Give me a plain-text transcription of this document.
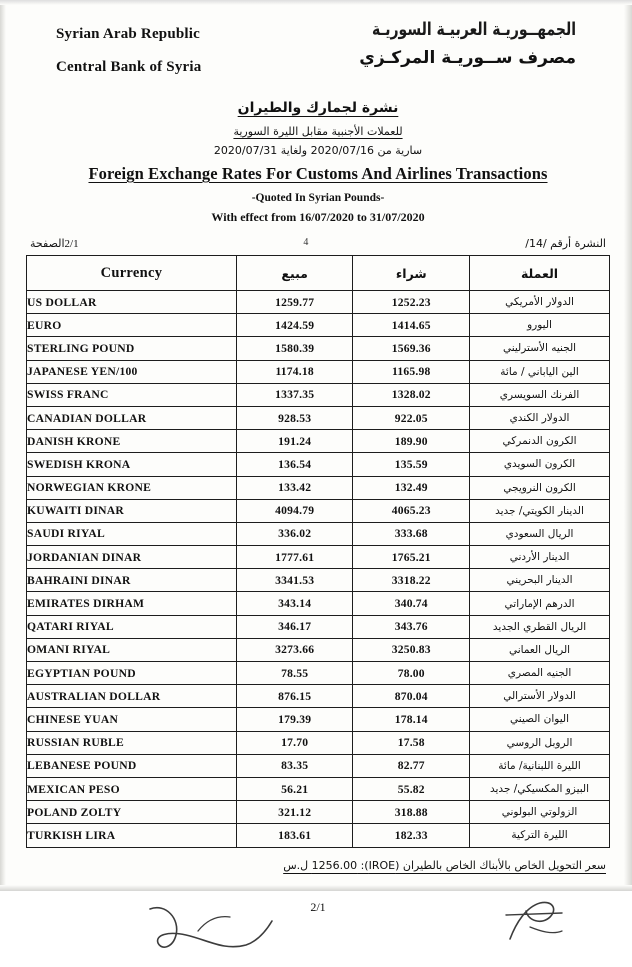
Syrian Arab Republic
Central Bank of Syria
الجمهــوريـة العربيـة السوريـة
مصرف ســوريـة المركـزي
نشرة لجمارك والطيران
للعملات الأجنبية مقابل الليرة السورية
سارية من 2020/07/16 ولغاية 2020/07/31
Foreign Exchange Rates For Customs And Airlines Transactions
-Quoted In Syrian Pounds-
With effect from 16/07/2020 to 31/07/2020
2/1الصفحة	4	النشرة أرقم /14/
Currency	مبيع	شراء	العملة
US DOLLAR	1259.77	1252.23	الدولار الأمريكي
EURO	1424.59	1414.65	اليورو
STERLING POUND	1580.39	1569.36	الجنيه الأسترليني
JAPANESE YEN/100	1174.18	1165.98	الين الياباني / مائة
SWISS FRANC	1337.35	1328.02	الفرنك السويسري
CANADIAN DOLLAR	928.53	922.05	الدولار الكندي
DANISH KRONE	191.24	189.90	الكرون الدنمركي
SWEDISH KRONA	136.54	135.59	الكرون السويدي
NORWEGIAN KRONE	133.42	132.49	الكرون النرويجي
KUWAITI DINAR	4094.79	4065.23	الدينار الكويتي/ جديد
SAUDI RIYAL	336.02	333.68	الريال السعودي
JORDANIAN DINAR	1777.61	1765.21	الدينار الأردني
BAHRAINI DINAR	3341.53	3318.22	الدينار البحريني
EMIRATES DIRHAM	343.14	340.74	الدرهم الإماراتي
QATARI RIYAL	346.17	343.76	الريال القطري الجديد
OMANI RIYAL	3273.66	3250.83	الريال العماني
EGYPTIAN POUND	78.55	78.00	الجنيه المصري
AUSTRALIAN DOLLAR	876.15	870.04	الدولار الأسترالي
CHINESE YUAN	179.39	178.14	اليوان الصيني
RUSSIAN RUBLE	17.70	17.58	الروبل الروسي
LEBANESE POUND	83.35	82.77	الليرة اللبنانية/ مائة
MEXICAN PESO	56.21	55.82	البيزو المكسيكي/ جديد
POLAND ZOLTY	321.12	318.88	الزولوتي البولوني
TURKISH LIRA	183.61	182.33	الليرة التركية
سعر التحويل الخاص بالأبناك الخاص بالطيران (IROE): 1256.00 ل.س
2/1
